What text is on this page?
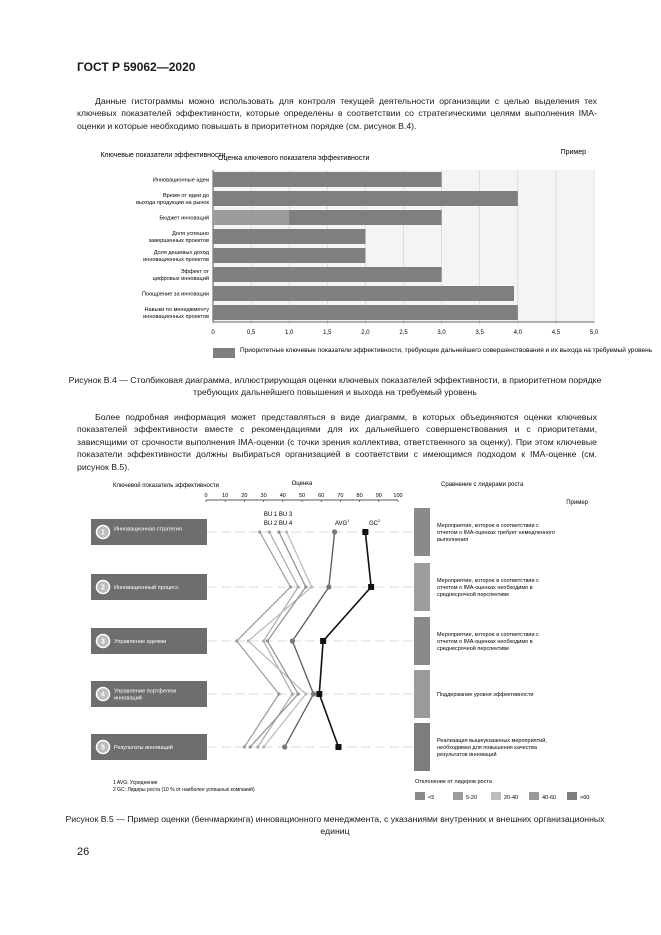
ГОСТ Р 59062—2020

Данные гистограммы можно использовать для контроля текущей деятельности организации с целью выделения тех ключевых показателей эффективности, которые определены в соответствии со стратегическими целями выполнения IMA-оценки и которые необходимо повышать в приоритетном порядке (см. рисунок В.4).

Ключевые показатели эффективности
Оценка ключевого показателя эффективности
Пример
Инновационные идеи
Время от идеи до выхода продукции на рынок
Бюджет инноваций
Доля успешно завершенных проектов
Доля дешевых доход инновационных проектов
Эффект от цифровых инноваций
Поощрение за инновации
Навыки по менеджменту инновационных проектов
0	0,5	1,0	1,5	2,0	2,5	3,0	3,5	4,0	4,5	5,0
Приоритетные ключевые показатели эффективности, требующие дальнейшего совершенствования и их выхода на требуемый уровень

Рисунок В.4 — Столбиковая диаграмма, иллюстрирующая оценки ключевых показателей эффективности, в приоритетном порядке требующих дальнейшего повышения и выхода на требуемый уровень

Более подробная информация может представляться в виде диаграмм, в которых объединяются оценки ключевых показателей эффективности вместе с рекомендациями для их дальнейшего совершенствования и с приоритетами, зависящими от срочности выполнения IMA-оценки (с точки зрения коллектива, ответственного за оценку). При этом ключевые показатели эффективности должны выбираться организацией в соответствии с имеющимся подходом к IMA-оценке (см. рисунок В.5).

Ключевой показатель эффективности	Оценка	Сравнение с лидерами роста
Пример
BU 1 BU 3
BU 2 BU 4	AVG$^1$
$GC^2$
0	10 20 30 40 50 60 70 80 90 100
1 Инновационная стратегия
2 Инновационный процесс
3 Управление идеями
4 Управление портфелем инноваций
5 Результаты инноваций
Мероприятие, которое в соответствии с отчетом о IMA-оценках требует немедленного выполнения
Мероприятие, которое в соответствии с отчетом о IMA-оценках необходимо в среднесрочной перспективе
Мероприятие, которое в соответствии с отчетом о IMA-оценках необходимо в среднесрочной перспективе
Поддержание уровня эффективности
Реализация вышеуказанных мероприятий, необходимая для повышения качества результатов инноваций
1 AVG: Усреднение
2 GC: Лидеры роста (10 % от наиболее успешных компаний)
Отклонение от лидеров роста
<5	5-20	20-40	40-60	>60

Рисунок В.5 — Пример оценки (бенчмаркинга) инновационного менеджмента, с указаниями внутренних и внешних организационных единиц

26
